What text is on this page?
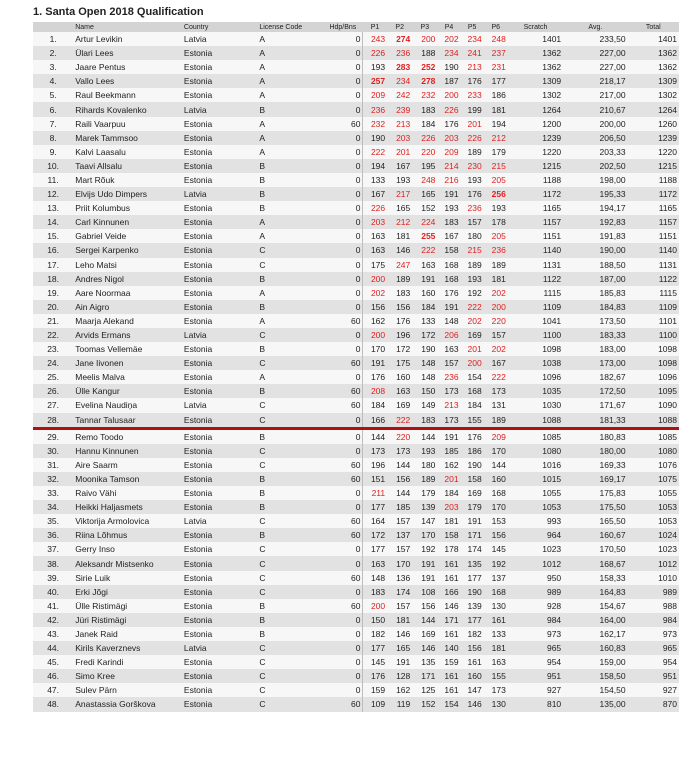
1. Santa Open 2018 Qualification
	Name	Country	License Code	Hdp/Bns	P1	P2	P3	P4	P5	P6	Scratch	Avg.	Total
1.	Artur Levikin	Latvia	A	0	243	274	200	202	234	248	1401	233,50	1401
2.	Ülari Lees	Estonia	A	0	226	236	188	234	241	237	1362	227,00	1362
3.	Jaare Pentus	Estonia	A	0	193	283	252	190	213	231	1362	227,00	1362
4.	Vallo Lees	Estonia	A	0	257	234	278	187	176	177	1309	218,17	1309
5.	Raul Beekmann	Estonia	A	0	209	242	232	200	233	186	1302	217,00	1302
6.	Rihards Kovalenko	Latvia	B	0	236	239	183	226	199	181	1264	210,67	1264
7.	Raili Vaarpuu	Estonia	A	60	232	213	184	176	201	194	1200	200,00	1260
8.	Marek Tammsoo	Estonia	A	0	190	203	226	203	226	212	1239	206,50	1239
9.	Kalvi Laasalu	Estonia	A	0	222	201	220	209	189	179	1220	203,33	1220
10.	Taavi Allsalu	Estonia	B	0	194	167	195	214	230	215	1215	202,50	1215
11.	Mart Rõuk	Estonia	B	0	133	193	248	216	193	205	1188	198,00	1188
12.	Elvijs Udo Dimpers	Latvia	B	0	167	217	165	191	176	256	1172	195,33	1172
13.	Priit Kolumbus	Estonia	B	0	226	165	152	193	236	193	1165	194,17	1165
14.	Carl Kinnunen	Estonia	A	0	203	212	224	183	157	178	1157	192,83	1157
15.	Gabriel Veide	Estonia	A	0	163	181	255	167	180	205	1151	191,83	1151
16.	Sergei Karpenko	Estonia	C	0	163	146	222	158	215	236	1140	190,00	1140
17.	Leho Matsi	Estonia	C	0	175	247	163	168	189	189	1131	188,50	1131
18.	Andres Nigol	Estonia	B	0	200	189	191	168	193	181	1122	187,00	1122
19.	Aare Noormaa	Estonia	A	0	202	183	160	176	192	202	1115	185,83	1115
20.	Ain Aigro	Estonia	B	0	156	156	184	191	222	200	1109	184,83	1109
21.	Maarja Alekand	Estonia	A	60	162	176	133	148	202	220	1041	173,50	1101
22.	Arvids Ermans	Latvia	C	0	200	196	172	206	169	157	1100	183,33	1100
23.	Toomas Vellemäe	Estonia	B	0	170	172	190	163	201	202	1098	183,00	1098
24.	Jane Iivonen	Estonia	C	60	191	175	148	157	200	167	1038	173,00	1098
25.	Meelis Malva	Estonia	A	0	176	160	148	236	154	222	1096	182,67	1096
26.	Ülle Kangur	Estonia	B	60	208	163	150	173	168	173	1035	172,50	1095
27.	Evelina Naudiņa	Latvia	C	60	184	169	149	213	184	131	1030	171,67	1090
28.	Tannar Talusaar	Estonia	C	0	166	222	183	173	155	189	1088	181,33	1088
29.	Remo Toodo	Estonia	B	0	144	220	144	191	176	209	1085	180,83	1085
30.	Hannu Kinnunen	Estonia	C	0	173	173	193	185	186	170	1080	180,00	1080
31.	Aire Saarm	Estonia	C	60	196	144	180	162	190	144	1016	169,33	1076
32.	Moonika Tamson	Estonia	B	60	151	156	189	201	158	160	1015	169,17	1075
33.	Raivo Vähi	Estonia	B	0	211	144	179	184	169	168	1055	175,83	1055
34.	Heikki Haljasmets	Estonia	B	0	177	185	139	203	179	170	1053	175,50	1053
35.	Viktorija Armolovica	Latvia	C	60	164	157	147	181	191	153	993	165,50	1053
36.	Riina Lõhmus	Estonia	B	60	172	137	170	158	171	156	964	160,67	1024
37.	Gerry Inso	Estonia	C	0	177	157	192	178	174	145	1023	170,50	1023
38.	Aleksandr Mistsenko	Estonia	C	0	163	170	191	161	135	192	1012	168,67	1012
39.	Sirie Luik	Estonia	C	60	148	136	191	161	177	137	950	158,33	1010
40.	Erki Jõgi	Estonia	C	0	183	174	108	166	190	168	989	164,83	989
41.	Ülle Ristimägi	Estonia	B	60	200	157	156	146	139	130	928	154,67	988
42.	Jüri Ristimägi	Estonia	B	0	150	181	144	171	177	161	984	164,00	984
43.	Janek Raid	Estonia	B	0	182	146	169	161	182	133	973	162,17	973
44.	Kirils Kaverznevs	Latvia	C	0	177	165	146	140	156	181	965	160,83	965
45.	Fredi Karindi	Estonia	C	0	145	191	135	159	161	163	954	159,00	954
46.	Simo Kree	Estonia	C	0	176	128	171	161	160	155	951	158,50	951
47.	Sulev Pärn	Estonia	C	0	159	162	125	161	147	173	927	154,50	927
48.	Anastassia Gorškova	Estonia	C	60	109	119	152	154	146	130	810	135,00	870
